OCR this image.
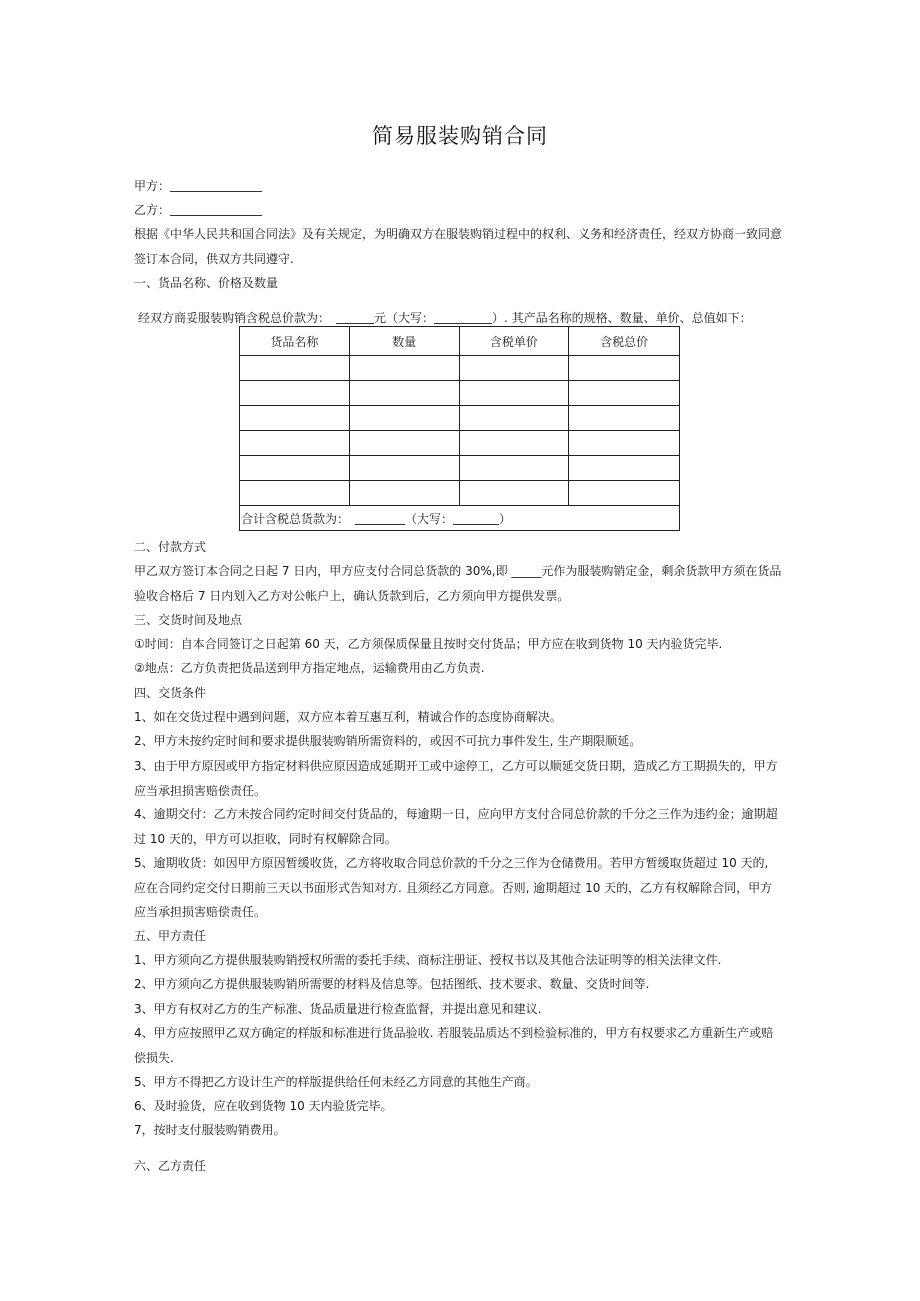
简易服装购销合同
甲方：
乙方：
根据《中华人民共和国合同法》及有关规定，为明确双方在服装购销过程中的权利、义务和经济责任，经双方协商一致同意签订本合同，供双方共同遵守.
一、货品名称、价格及数量
经双方商妥服装购销含税总价款为：	元（大写：	）. 其产品名称的规格、数量、单价、总值如下：
货品名称	数量	含税单价	含税总价

合计含税总货款为： （大写： ）			
二、付款方式
甲乙双方签订本合同之日起 7 日内，甲方应支付合同总货款的 30%,即 _____元作为服装购销定金，剩余货款甲方须在货品验收合格后 7 日内划入乙方对公帐户上，确认货款到后，乙方须向甲方提供发票。
三、交货时间及地点
①时间：自本合同签订之日起第 60 天，乙方须保质保量且按时交付货品；甲方应在收到货物 10 天内验货完毕.
②地点：乙方负责把货品送到甲方指定地点，运输费用由乙方负责.
四、交货条件
1、如在交货过程中遇到问题，双方应本着互惠互利，精诚合作的态度协商解决。
2、甲方未按约定时间和要求提供服装购销所需资料的，或因不可抗力事件发生, 生产期限顺延。
3、由于甲方原因或甲方指定材料供应原因造成延期开工或中途停工，乙方可以顺延交货日期，造成乙方工期损失的，甲方应当承担损害赔偿责任。
4、逾期交付：乙方未按合同约定时间交付货品的，每逾期一日，应向甲方支付合同总价款的千分之三作为违约金；逾期超过 10 天的，甲方可以拒收，同时有权解除合同。
5、逾期收货：如因甲方原因暂缓收货，乙方将收取合同总价款的千分之三作为仓储费用。若甲方暂缓取货超过 10 天的, 应在合同约定交付日期前三天以书面形式告知对方. 且须经乙方同意。否则, 逾期超过 10 天的，乙方有权解除合同，甲方应当承担损害赔偿责任。
五、甲方责任
1、甲方须向乙方提供服装购销授权所需的委托手续、商标注册证、授权书以及其他合法证明等的相关法律文件.
2、甲方须向乙方提供服装购销所需要的材料及信息等。包括图纸、技术要求、数量、交货时间等.
3、甲方有权对乙方的生产标准、货品质量进行检查监督，并提出意见和建议.
4、甲方应按照甲乙双方确定的样版和标准进行货品验收. 若服装品质达不到检验标准的，甲方有权要求乙方重新生产或赔偿损失.
5、甲方不得把乙方设计生产的样版提供给任何未经乙方同意的其他生产商。
6、及时验货，应在收到货物 10 天内验货完毕。
7，按时支付服装购销费用。
六、乙方责任
